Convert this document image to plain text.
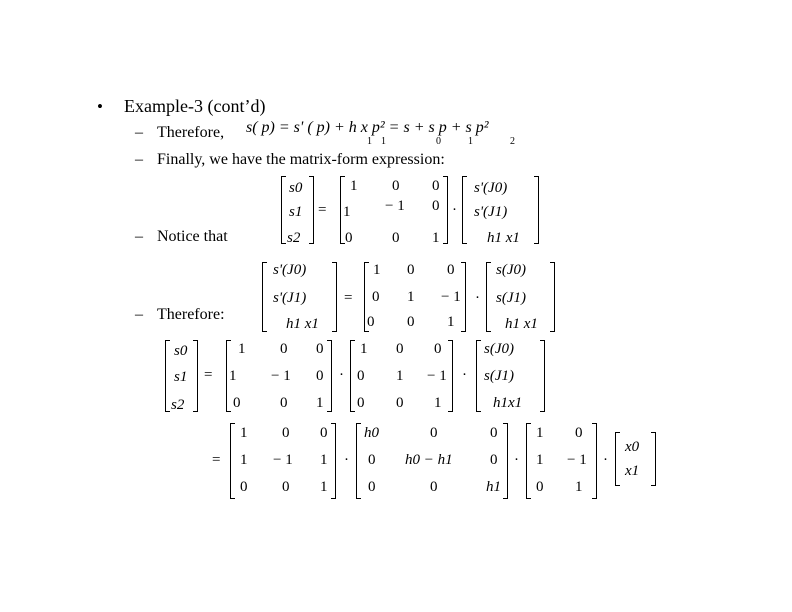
• Example-3 (cont’d)
– Therefore,
– Finally, we have the matrix-form expression:
– Notice that
– Therefore:
s( p) = s' ( p) + h x p² = s + s p + s p²
1 1	0	1	2
s0
s1
s2
=
1 0 0
1 − 1 0
0	0 1
·
s'(J0)
s'(J1)
h1 x1
s'(J0)
s'(J1)
h1 x1
=
1 0 0
0 1 − 1
0 0 1
·
s(J0)
s(J1)
h1 x1
s0
s1
s2
=
1 0 0
1 − 1 0
0	0 1
·
1 0 0
0 1 − 1
0 0 1
·
s(J0)
s(J1)
h1x1
=
1 0 0
1 − 1 1
0 0 1
·
h0	0	0
0 h0 − h1 0
0	0	h1
·
1 0
1 − 1
0 1
·
x0
x1
